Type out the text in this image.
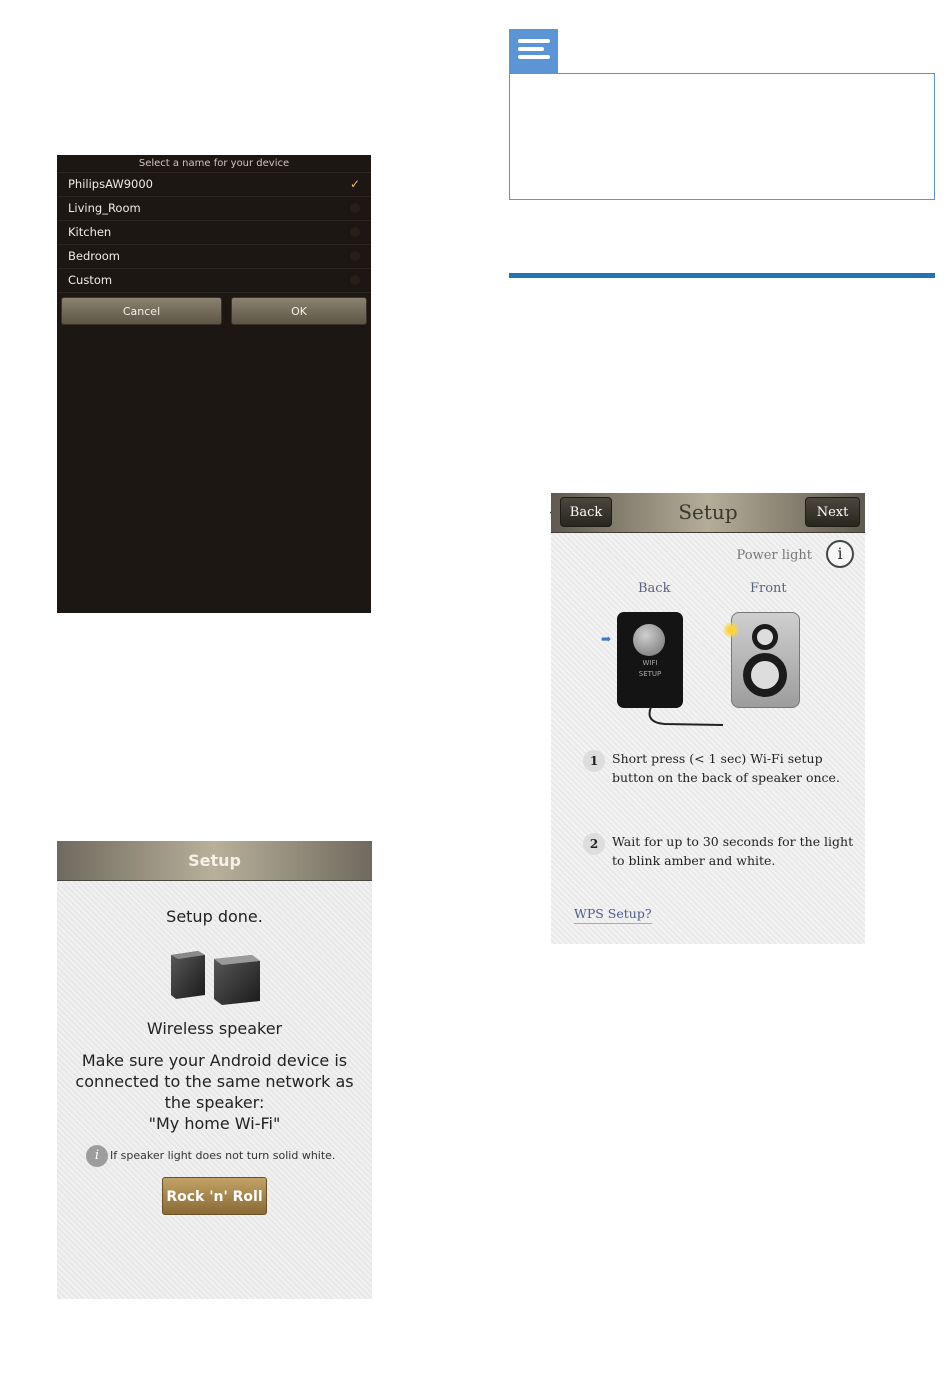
Select a name for your device
PhilipsAW9000	✓
Living_Room
Kitchen
Bedroom
Custom
Cancel	OK
Setup
Setup done.
Wireless speaker
Make sure your Android device is connected to the same network as the speaker:
"My home Wi-Fi"
i If speaker light does not turn solid white.
Rock 'n' Roll
Setup
Back	Next
Power light	i
Back	Front
➡
WIFI
SETUP
1	Short press (< 1 sec) Wi-Fi setup button on the back of speaker once.
2	Wait for up to 30 seconds for the light to blink amber and white.
WPS Setup?
